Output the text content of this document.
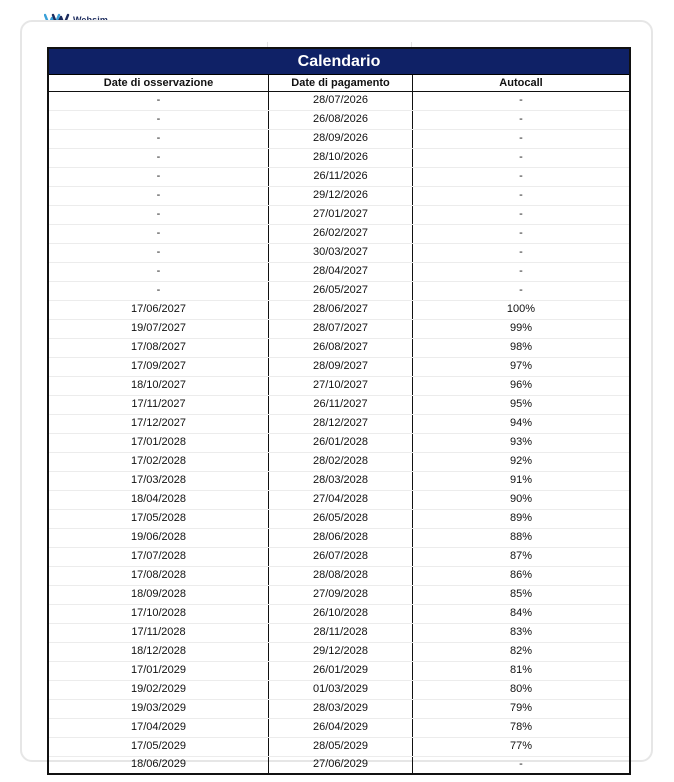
Calendario
Date di osservazione	Date di pagamento	Autocall
-	28/07/2026	-
-	26/08/2026	-
-	28/09/2026	-
-	28/10/2026	-
-	26/11/2026	-
-	29/12/2026	-
-	27/01/2027	-
-	26/02/2027	-
-	30/03/2027	-
-	28/04/2027	-
-	26/05/2027	-
17/06/2027	28/06/2027	100%
19/07/2027	28/07/2027	99%
17/08/2027	26/08/2027	98%
17/09/2027	28/09/2027	97%
18/10/2027	27/10/2027	96%
17/11/2027	26/11/2027	95%
17/12/2027	28/12/2027	94%
17/01/2028	26/01/2028	93%
17/02/2028	28/02/2028	92%
17/03/2028	28/03/2028	91%
18/04/2028	27/04/2028	90%
17/05/2028	26/05/2028	89%
19/06/2028	28/06/2028	88%
17/07/2028	26/07/2028	87%
17/08/2028	28/08/2028	86%
18/09/2028	27/09/2028	85%
17/10/2028	26/10/2028	84%
17/11/2028	28/11/2028	83%
18/12/2028	29/12/2028	82%
17/01/2029	26/01/2029	81%
19/02/2029	01/03/2029	80%
19/03/2029	28/03/2029	79%
17/04/2029	26/04/2029	78%
17/05/2029	28/05/2029	77%
18/06/2029	27/06/2029	-
